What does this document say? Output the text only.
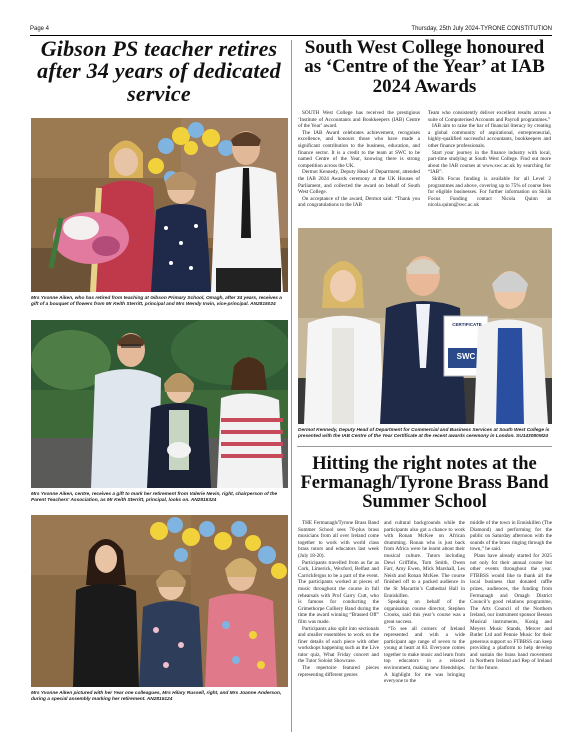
Page 4	Thursday, 25th July 2024-TYRONE CONSTITUTION
Gibson PS teacher retires after 34 years of dedicated service
Mrs Yvonne Aiken, who has retired from teaching at Gibson Primary School, Omagh, after 34 years, receives a gift of a bouquet of flowers from Mr Keith Sterritt, principal and Mrs Wendy Irwin, vice-principal. AN2815024
Mrs Yvonne Aiken, centre, receives a gift to mark her retirement from Valerie Nevin, right, chairperson of the Parent Teachers' Association, as Mr Keith Sterritt, principal, looks on. AN2815324
Mrs Yvonne Aiken pictured with her Year one colleagues, Mrs Hilary Russell, right, and Mrs Joanne Anderson, during a special assembly marking her retirement. AN2815124
South West College honoured as ‘Centre of the Year’ at IAB 2024 Awards

SOUTH West College has received the prestigious ‘Institute of Accountants and Bookkeepers (IAB) Centre of the Year’ award.

The IAB Award celebrates achievement, recognises excellence, and honours those who have made a significant contribution to the business, education, and finance sector. It is a credit to the team at SWC to be named Centre of the Year, knowing there is strong competition across the UK.

Dermot Kennedy, Deputy Head of Department, attended the IAB 2024 Awards ceremony at the UK Houses of Parliament, and collected the award on behalf of South West College.

On acceptance of the award, Dermot said: “Thank you and congratulations to the IAB

Team who consistently deliver excellent results across a suite of Computerised Accounts and Payroll programmes.”

IAB aim to raise the bar of financial literacy by creating a global community of aspirational, entrepreneurial, highly-qualified successful accountants, bookkeepers and other finance professionals.

Start your journey in the finance industry with local, part-time studying at South West College. Find out more about the IAB courses at www.swc.ac.uk by searching for “IAB”.

Skills Focus funding is available for all Level 2 programmes and above, covering up to 75% of course fees for eligible businesses. For further information on Skills Focus Funding contact Nicola Quinn at nicola.quinn@swc.ac.uk

CERTIFICATE
SWC
Dermot Kennedy, Deputy Head of Department for Commercial and Business Services at South West College is presented with the IAB Centre of the Year Certificate at the recent awards ceremony in London. SU143080M24
Hitting the right notes at the Fermanagh/Tyrone Brass Band Summer School

THE Fermanagh/Tyrone Brass Band Summer School sees 70-plus brass musicians from all over Ireland come together to work with world class brass tutors and educators last week (July 18-20).

Participants travelled from as far as Cork, Limerick, Wexford, Belfast and Carrickfergus to be a part of the event. The participants worked at pieces of music throughout the course in full rehearsals with Prof Garry Cutt, who is famous for conducting the Grimethorpe Colliery Band during the time the award winning “Brassed Off” film was made.

Participants also split into sectionals and smaller ensembles to work on the finer details of each piece with other workshops happening such as the Live tutor quiz, What Friday concert and the Tutor Soloist Showcase.

The repertoire featured pieces representing different genres

and cultural backgrounds while the participants also got a chance to work with Ronan McKee on African drumming. Ronan who is just back from Africa were he learnt about their musical culture. Tutors including Dewi Griffiths, Tom Smith, Owen Farr, Amy Ewen, Mick Marshall, Les Neish and Ronan McKee. The course finished off to a packed audience in the St Macartin’s Cathedral Hall in Enniskillen.

Speaking on behalf of the organisation course director, Stephen Crooks, said this year’s course was a great success.

“To see all corners of Ireland represented and with a wide participant age range of seven to the young at heart at 83. Everyone comes together to make music and learn from top educators in a relaxed environment, making new friendships. A highlight for me was bringing everyone to the

middle of the town in Enniskillen (The Diamond) and performing for the public on Saturday afternoon with the sounds of the brass ringing through the town,” he said.

Plans have already started for 2025 not only for their annual course but other events throughout the year. FTBBSS would like to thank all the local business that donated raffle prizes, audiences, the funding from Fermanagh and Omagh District Council’s good relations programme, The Arts Council of the Northern Ireland, our instrument sponsor Besson Musical instruments, Konig and Meyers Music Stands, Mercer and Butler Ltd and Pennie Music for their generous support so FTBBSS can keep providing a platform to help develop and sustain the brass band movement in Northern Ireland and Rep of Ireland for the future.
